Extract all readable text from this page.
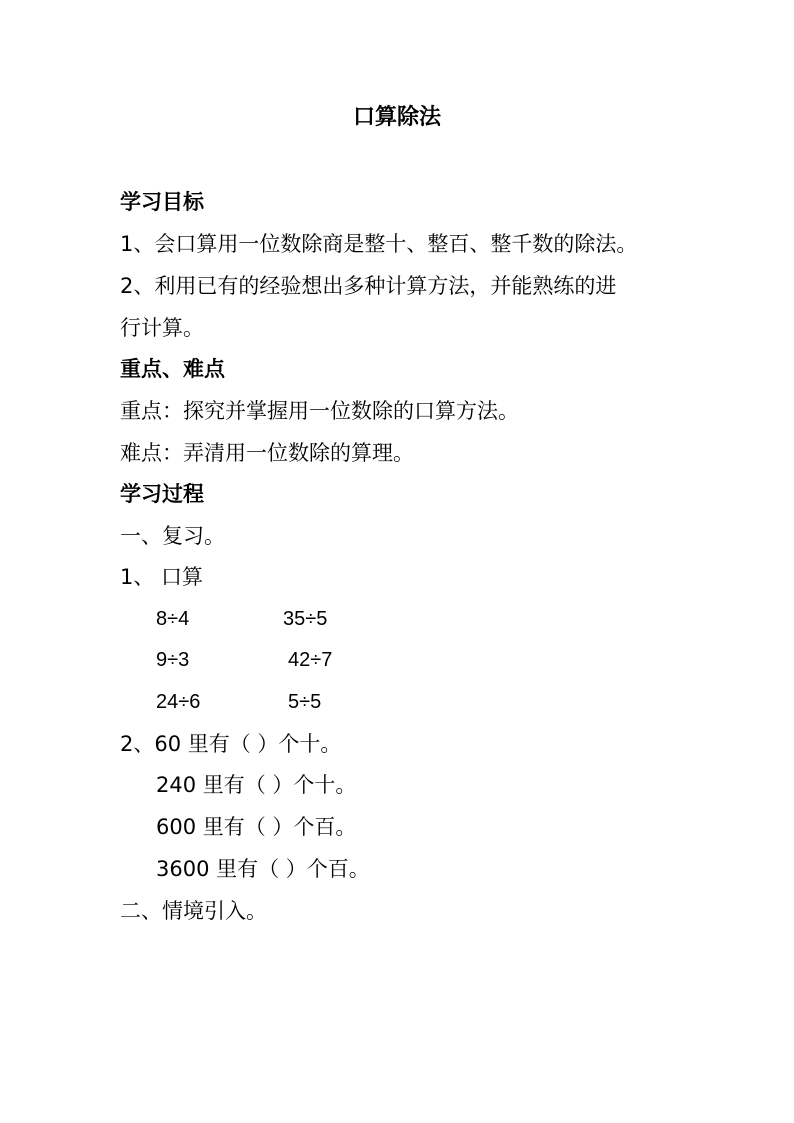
口算除法
学习目标
1、会口算用一位数除商是整十、整百、整千数的除法。
2、利用已有的经验想出多种计算方法，并能熟练的进
行计算。
重点、难点
重点：探究并掌握用一位数除的口算方法。
难点：弄清用一位数除的算理。
学习过程
一、复习。
1、 口算
8÷4	35÷5
9÷3	42÷7
24÷6	5÷5
2、60 里有（ ）个十。
240 里有（ ）个十。
600 里有（ ）个百。
3600 里有（ ）个百。
二、情境引入。
